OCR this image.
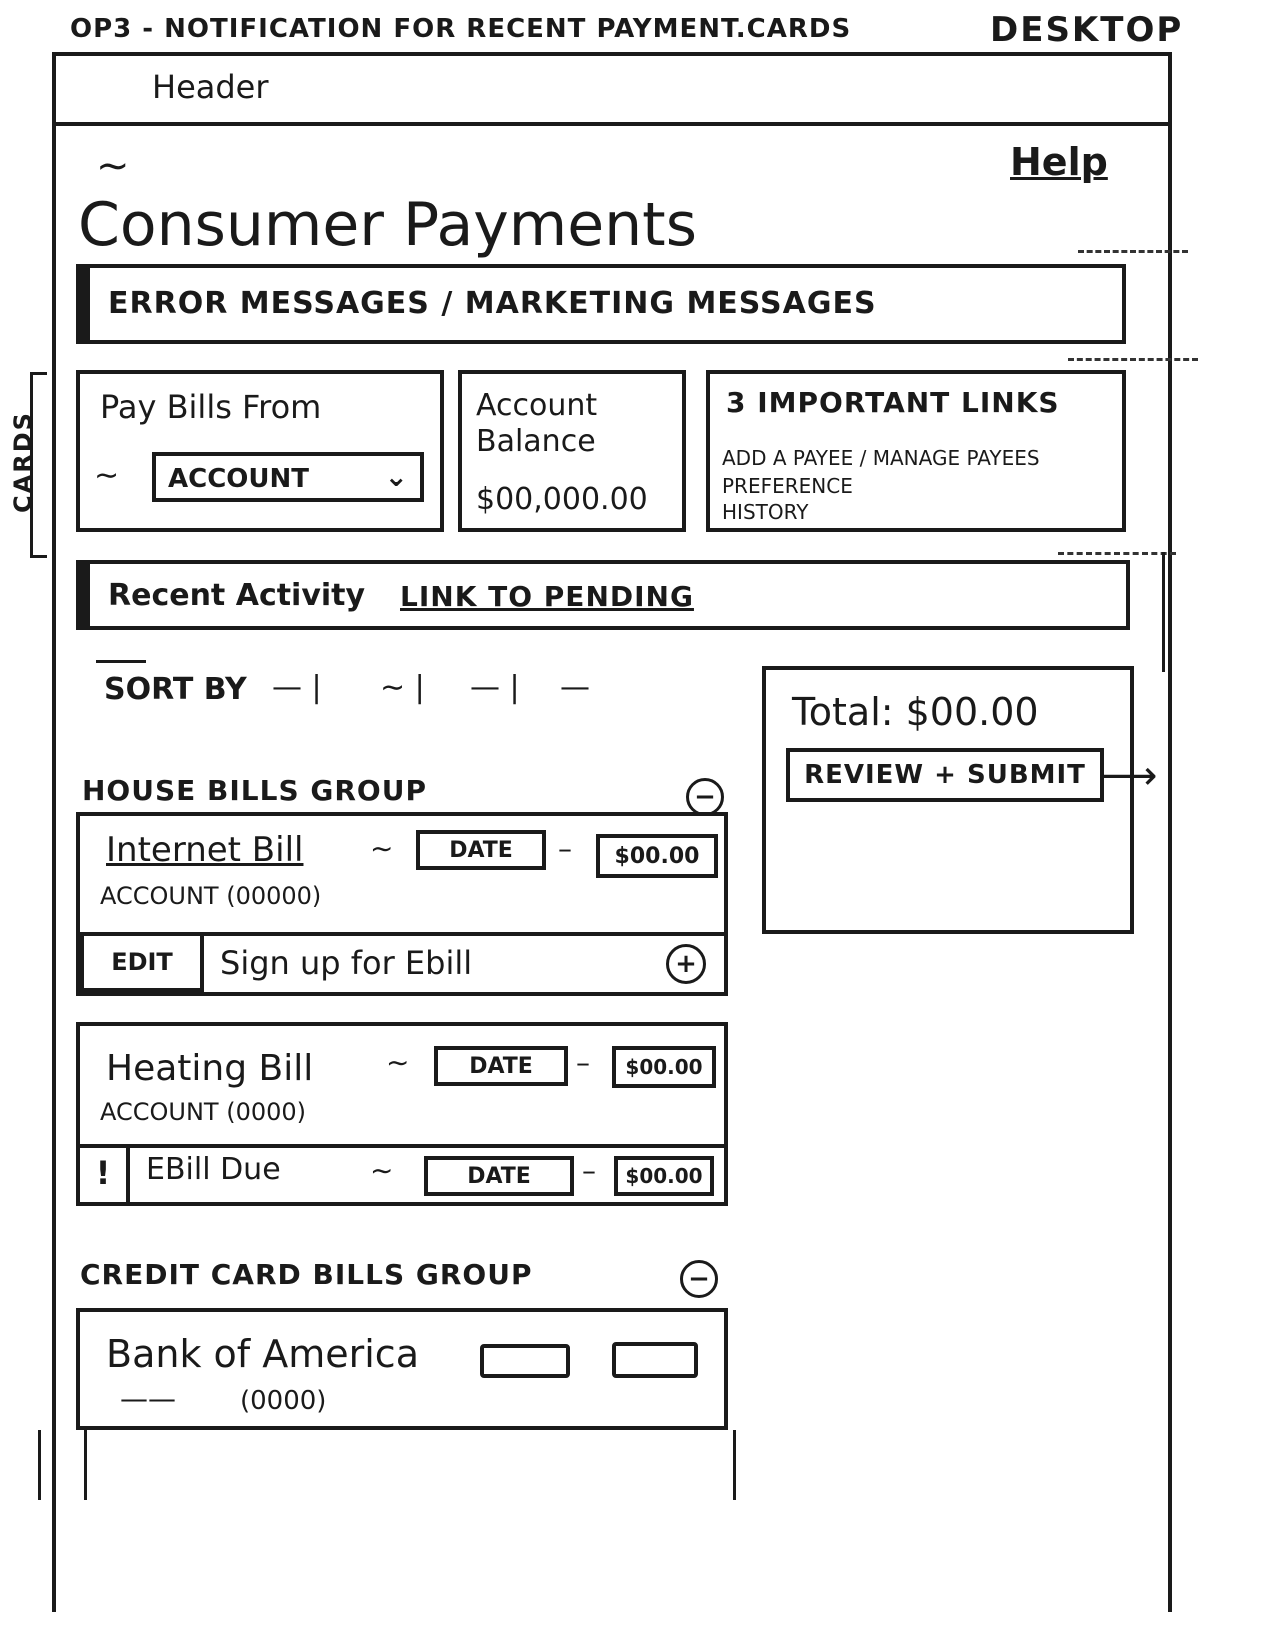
OP3 - NOTIFICATION FOR RECENT PAYMENT.CARDS	DESKTOP
Header
CARDS
∼	Help
Consumer Payments
ERROR MESSAGES / MARKETING MESSAGES
Pay Bills From
∼ ACCOUNT	⌄
Account Balance
$00,000.00
3 IMPORTANT LINKS
ADD A PAYEE / MANAGE PAYEES
PREFERENCE
HISTORY
Recent Activity LINK TO PENDING
SORT BY — | ∼ | — | —
Total: $00.00
REVIEW + SUBMIT ⟶
HOUSE BILLS GROUP	−
Internet Bill ∼	DATE	–	$00.00
ACCOUNT (00000)
EDIT	Sign up for Ebill	+
Heating Bill	∼	DATE	–	$00.00
ACCOUNT (0000)
!	EBill Due	∼	DATE	–	$00.00
CREDIT CARD BILLS GROUP	−
Bank of America
(0000)
——
